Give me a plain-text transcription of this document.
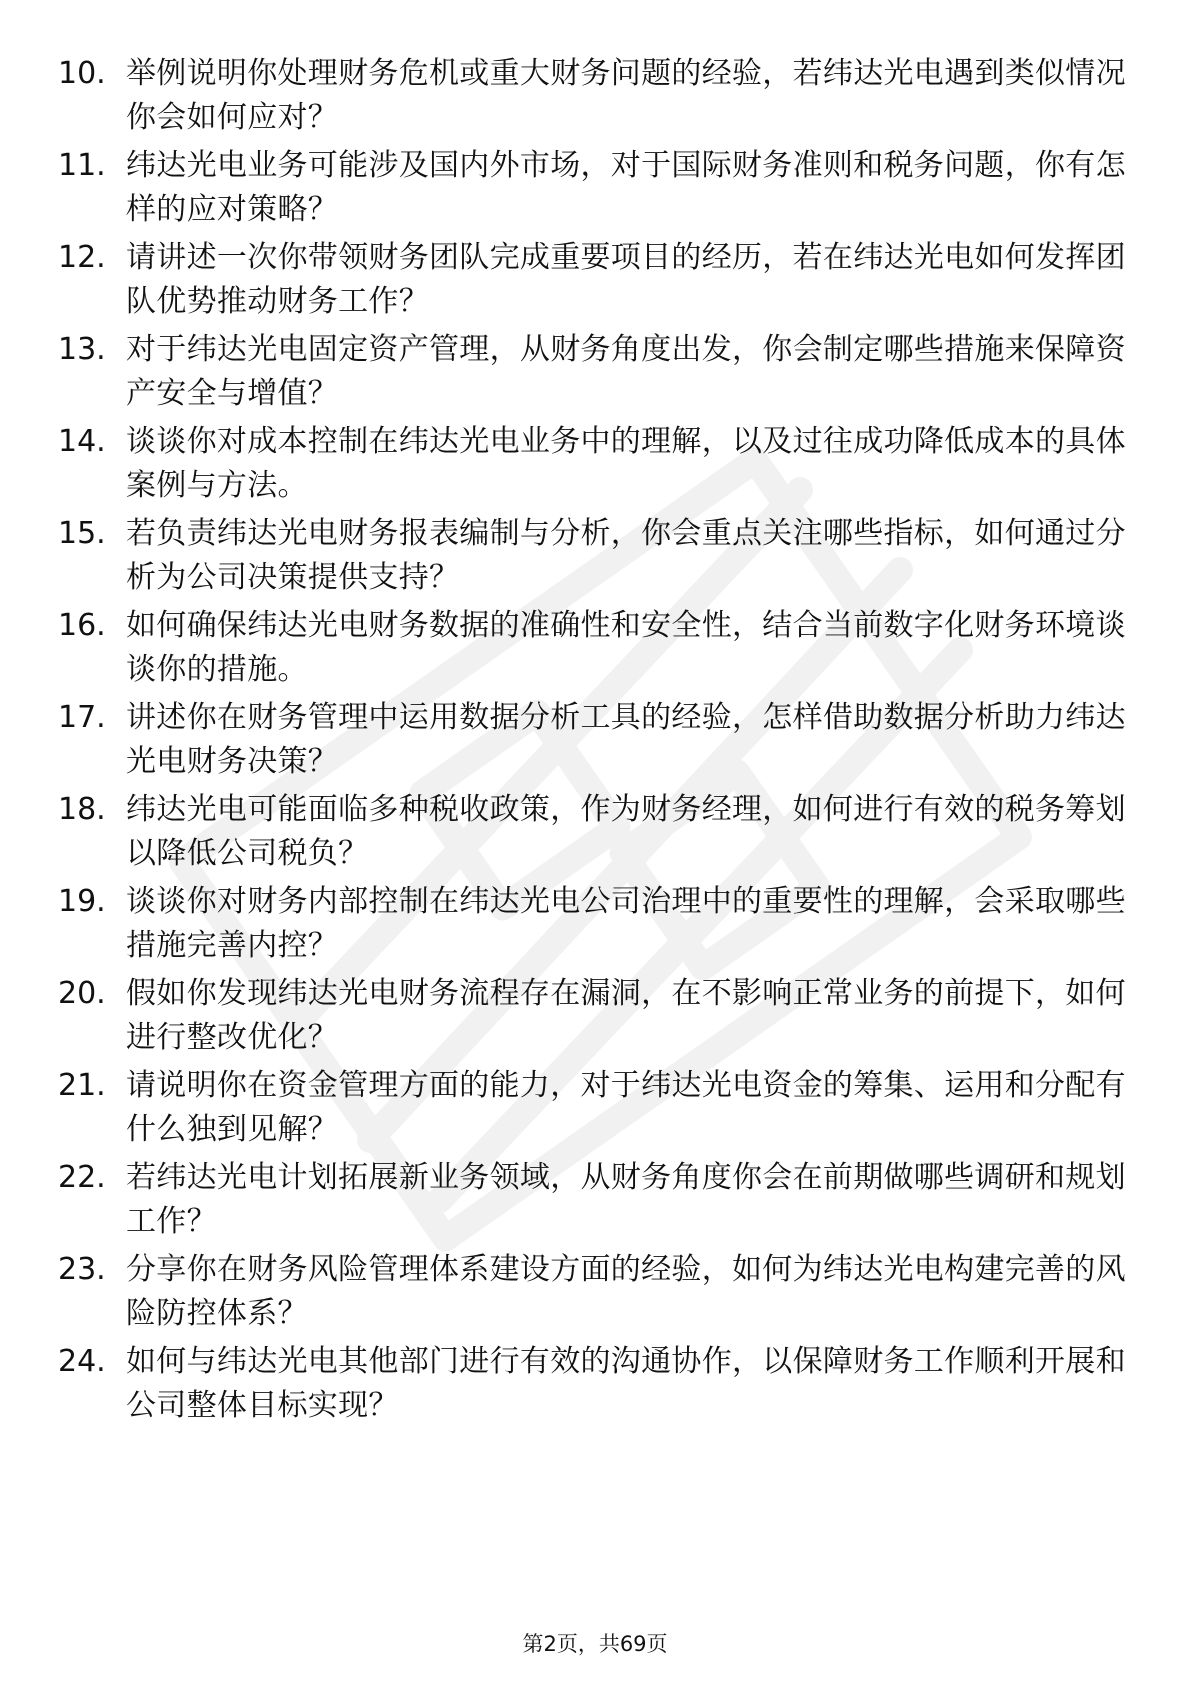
10. 举例说明你处理财务危机或重大财务问题的经验，若纬达光电遇到类似情况你会如何应对？
11. 纬达光电业务可能涉及国内外市场，对于国际财务准则和税务问题，你有怎样的应对策略？
12. 请讲述一次你带领财务团队完成重要项目的经历，若在纬达光电如何发挥团队优势推动财务工作？
13. 对于纬达光电固定资产管理，从财务角度出发，你会制定哪些措施来保障资产安全与增值？
14. 谈谈你对成本控制在纬达光电业务中的理解，以及过往成功降低成本的具体案例与方法。
15. 若负责纬达光电财务报表编制与分析，你会重点关注哪些指标，如何通过分析为公司决策提供支持？
16. 如何确保纬达光电财务数据的准确性和安全性，结合当前数字化财务环境谈谈你的措施。
17. 讲述你在财务管理中运用数据分析工具的经验，怎样借助数据分析助力纬达光电财务决策？
18. 纬达光电可能面临多种税收政策，作为财务经理，如何进行有效的税务筹划以降低公司税负？
19. 谈谈你对财务内部控制在纬达光电公司治理中的重要性的理解，会采取哪些措施完善内控？
20. 假如你发现纬达光电财务流程存在漏洞，在不影响正常业务的前提下，如何进行整改优化？
21. 请说明你在资金管理方面的能力，对于纬达光电资金的筹集、运用和分配有什么独到见解？
22. 若纬达光电计划拓展新业务领域，从财务角度你会在前期做哪些调研和规划工作？
23. 分享你在财务风险管理体系建设方面的经验，如何为纬达光电构建完善的风险防控体系？
24. 如何与纬达光电其他部门进行有效的沟通协作，以保障财务工作顺利开展和公司整体目标实现？
第2页，共69页
